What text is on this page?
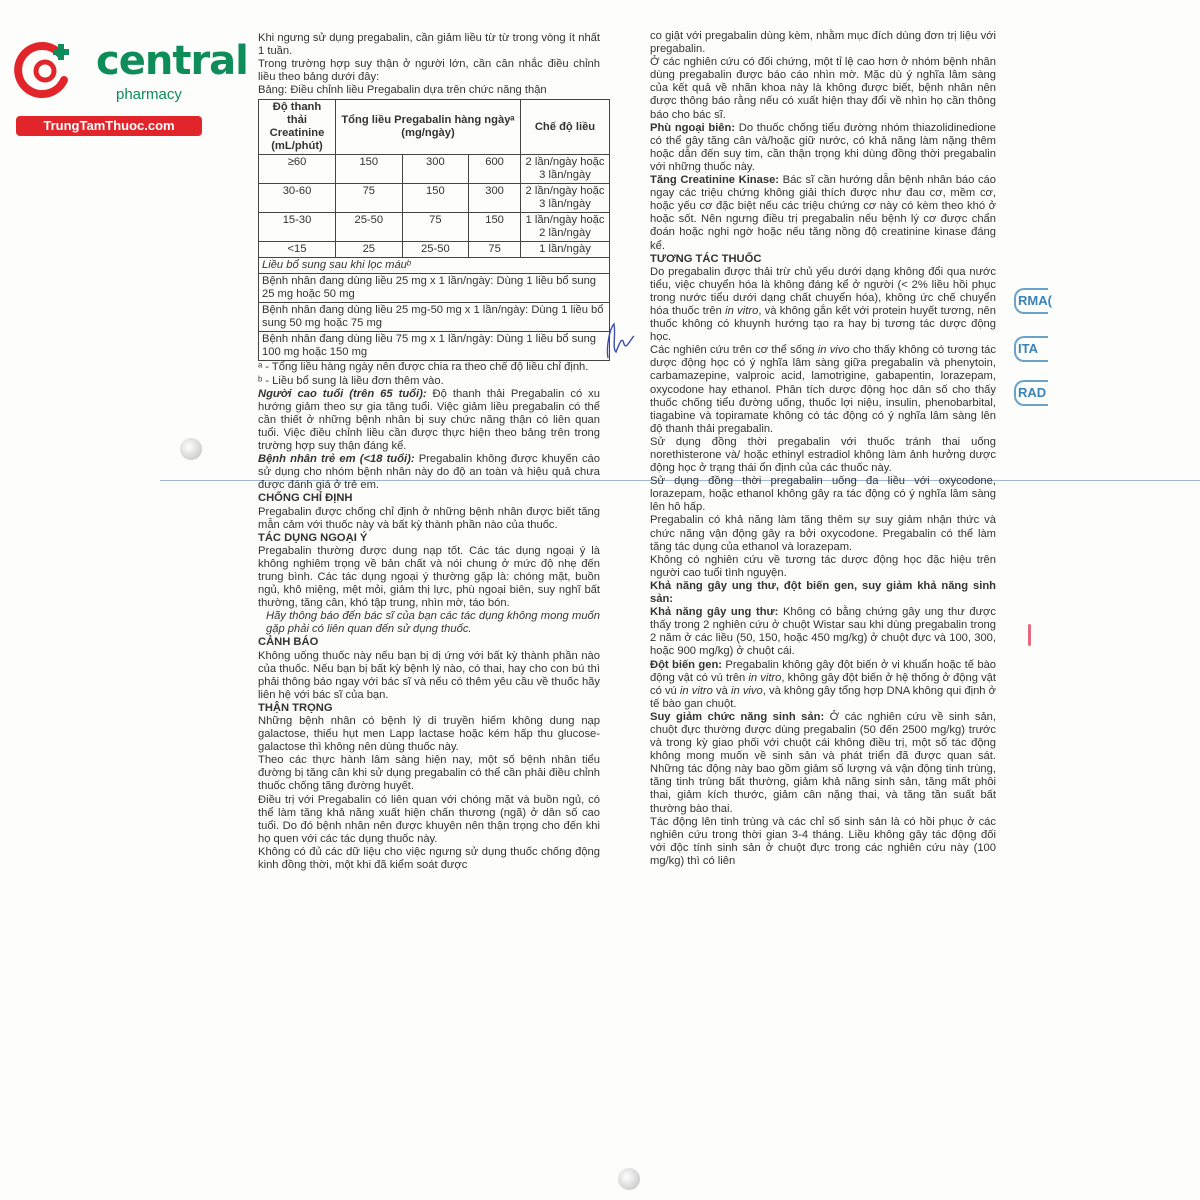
central
pharmacy
TrungTamThuoc.com
RMA(
ITA
RAD

Khi ngưng sử dụng pregabalin, cần giảm liều từ từ trong vòng ít nhất 1 tuần.

Trong trường hợp suy thận ở người lớn, cần cân nhắc điều chỉnh liều theo bảng dưới đây:

Bảng: Điều chỉnh liều Pregabalin dựa trên chức năng thận

Độ thanh thải Creatinine (mL/phút)	Tổng liều Pregabalin hàng ngàyᵃ (mg/ngày)			Chế độ liều
≥60	150	300	600	2 lần/ngày hoặc 3 lần/ngày
30-60	75	150	300	2 lần/ngày hoặc 3 lần/ngày
15-30	25-50	75	150	1 lần/ngày hoặc 2 lần/ngày
<15	25	25-50	75	1 lần/ngày
Liều bổ sung sau khi lọc máuᵇ				
Bệnh nhân đang dùng liều 25 mg x 1 lần/ngày: Dùng 1 liều bổ sung 25 mg hoặc 50 mg				
Bệnh nhân đang dùng liều 25 mg-50 mg x 1 lần/ngày: Dùng 1 liều bổ sung 50 mg hoặc 75 mg				
Bệnh nhân đang dùng liều 75 mg x 1 lần/ngày: Dùng 1 liều bổ sung 100 mg hoặc 150 mg				

ᵃ - Tổng liều hàng ngày nên được chia ra theo chế độ liều chỉ định.

ᵇ - Liều bổ sung là liều đơn thêm vào.

Người cao tuổi (trên 65 tuổi): Độ thanh thải Pregabalin có xu hướng giảm theo sự gia tăng tuổi. Việc giảm liều pregabalin có thể cần thiết ở những bệnh nhân bị suy chức năng thận có liên quan tuổi. Việc điều chỉnh liều cần được thực hiện theo bảng trên trong trường hợp suy thận đáng kể.

Bệnh nhân trẻ em (<18 tuổi): Pregabalin không được khuyến cáo sử dụng cho nhóm bệnh nhân này do độ an toàn và hiệu quả chưa được đánh giá ở trẻ em.

CHỐNG CHỈ ĐỊNH

Pregabalin được chống chỉ định ở những bệnh nhân được biết tăng mẫn cảm với thuốc này và bất kỳ thành phần nào của thuốc.

TÁC DỤNG NGOẠI Ý

Pregabalin thường được dung nạp tốt. Các tác dụng ngoại ý là không nghiêm trọng về bản chất và nói chung ở mức độ nhẹ đến trung bình. Các tác dụng ngoại ý thường gặp là: chóng mặt, buồn ngủ, khô miệng, mệt mỏi, giảm thị lực, phù ngoại biên, suy nghĩ bất thường, tăng cân, khó tập trung, nhìn mờ, táo bón.

Hãy thông báo đến bác sĩ của bạn các tác dụng không mong muốn gặp phải có liên quan đến sử dụng thuốc.

CẢNH BÁO

Không uống thuốc này nếu bạn bị dị ứng với bất kỳ thành phần nào của thuốc. Nếu bạn bị bất kỳ bệnh lý nào, có thai, hay cho con bú thì phải thông báo ngay với bác sĩ và nếu có thêm yêu cầu về thuốc hãy liên hệ với bác sĩ của bạn.

THẬN TRỌNG

Những bệnh nhân có bệnh lý di truyền hiếm không dung nạp galactose, thiếu hụt men Lapp lactase hoặc kém hấp thu glucose-galactose thì không nên dùng thuốc này.

Theo các thực hành lâm sàng hiện nay, một số bệnh nhân tiểu đường bị tăng cân khi sử dụng pregabalin có thể cần phải điều chỉnh thuốc chống tăng đường huyết.

Điều trị với Pregabalin có liên quan với chóng mặt và buồn ngủ, có thể làm tăng khả năng xuất hiện chấn thương (ngã) ở dân số cao tuổi. Do đó bệnh nhân nên được khuyên nên thận trọng cho đến khi họ quen với các tác dụng thuốc này.

Không có đủ các dữ liệu cho việc ngưng sử dụng thuốc chống động kinh đồng thời, một khi đã kiểm soát được

co giật với pregabalin dùng kèm, nhằm mục đích dùng đơn trị liệu với pregabalin.

Ở các nghiên cứu có đối chứng, một tỉ lệ cao hơn ở nhóm bệnh nhân dùng pregabalin được báo cáo nhìn mờ. Mặc dù ý nghĩa lâm sàng của kết quả về nhãn khoa này là không được biết, bệnh nhân nên được thông báo rằng nếu có xuất hiện thay đổi về nhìn họ cần thông báo cho bác sĩ.

Phù ngoại biên: Do thuốc chống tiểu đường nhóm thiazolidinedione có thể gây tăng cân và/hoặc giữ nước, có khả năng làm nặng thêm hoặc dẫn đến suy tim, cần thận trọng khi dùng đồng thời pregabalin với những thuốc này.

Tăng Creatinine Kinase: Bác sĩ cần hướng dẫn bệnh nhân báo cáo ngay các triệu chứng không giải thích được như đau cơ, mềm cơ, hoặc yếu cơ đặc biệt nếu các triệu chứng cơ này có kèm theo khó ở hoặc sốt. Nên ngưng điều trị pregabalin nếu bệnh lý cơ được chẩn đoán hoặc nghi ngờ hoặc nếu tăng nồng độ creatinine kinase đáng kể.

TƯƠNG TÁC THUỐC

Do pregabalin được thải trừ chủ yếu dưới dạng không đổi qua nước tiểu, việc chuyển hóa là không đáng kể ở người (< 2% liều hồi phục trong nước tiểu dưới dạng chất chuyển hóa), không ức chế chuyển hóa thuốc trên in vitro, và không gắn kết với protein huyết tương, nên thuốc không có khuynh hướng tạo ra hay bị tương tác dược động học.

Các nghiên cứu trên cơ thể sống in vivo cho thấy không có tương tác dược động học có ý nghĩa lâm sàng giữa pregabalin và phenytoin, carbamazepine, valproic acid, lamotrigine, gabapentin, lorazepam, oxycodone hay ethanol. Phân tích dược động học dân số cho thấy thuốc chống tiểu đường uống, thuốc lợi niệu, insulin, phenobarbital, tiagabine và topiramate không có tác động có ý nghĩa lâm sàng lên độ thanh thải pregabalin.

Sử dụng đồng thời pregabalin với thuốc tránh thai uống norethisterone và/ hoặc ethinyl estradiol không làm ảnh hưởng dược động học ở trạng thái ổn định của các thuốc này.

Sử dụng đồng thời pregabalin uống đa liều với oxycodone, lorazepam, hoặc ethanol không gây ra tác động có ý nghĩa lâm sàng lên hô hấp.

Pregabalin có khả năng làm tăng thêm sự suy giảm nhận thức và chức năng vận động gây ra bởi oxycodone. Pregabalin có thể làm tăng tác dụng của ethanol và lorazepam.

Không có nghiên cứu về tương tác dược động học đặc hiệu trên người cao tuổi tình nguyện.

Khả năng gây ung thư, đột biến gen, suy giảm khả năng sinh sản:

Khả năng gây ung thư: Không có bằng chứng gây ung thư được thấy trong 2 nghiên cứu ở chuột Wistar sau khi dùng pregabalin trong 2 năm ở các liều (50, 150, hoặc 450 mg/kg) ở chuột đực và 100, 300, hoặc 900 mg/kg) ở chuột cái.

Đột biến gen: Pregabalin không gây đột biến ở vi khuẩn hoặc tế bào động vật có vú trên in vitro, không gây đột biến ở hệ thống ở động vật có vú in vitro và in vivo, và không gây tổng hợp DNA không qui định ở tế bào gan chuột.

Suy giảm chức năng sinh sản: Ở các nghiên cứu về sinh sản, chuột đực thường được dùng pregabalin (50 đến 2500 mg/kg) trước và trong kỳ giao phối với chuột cái không điều trị, một số tác động không mong muốn về sinh sản và phát triển đã được quan sát. Những tác động này bao gồm giảm số lượng và vận động tinh trùng, tăng tinh trùng bất thường, giảm khả năng sinh sản, tăng mất phôi thai, giảm kích thước, giảm cân nặng thai, và tăng tần suất bất thường bào thai.

Tác động lên tinh trùng và các chỉ số sinh sản là có hồi phục ở các nghiên cứu trong thời gian 3-4 tháng. Liều không gây tác động đối với độc tính sinh sản ở chuột đực trong các nghiên cứu này (100 mg/kg) thì có liên
